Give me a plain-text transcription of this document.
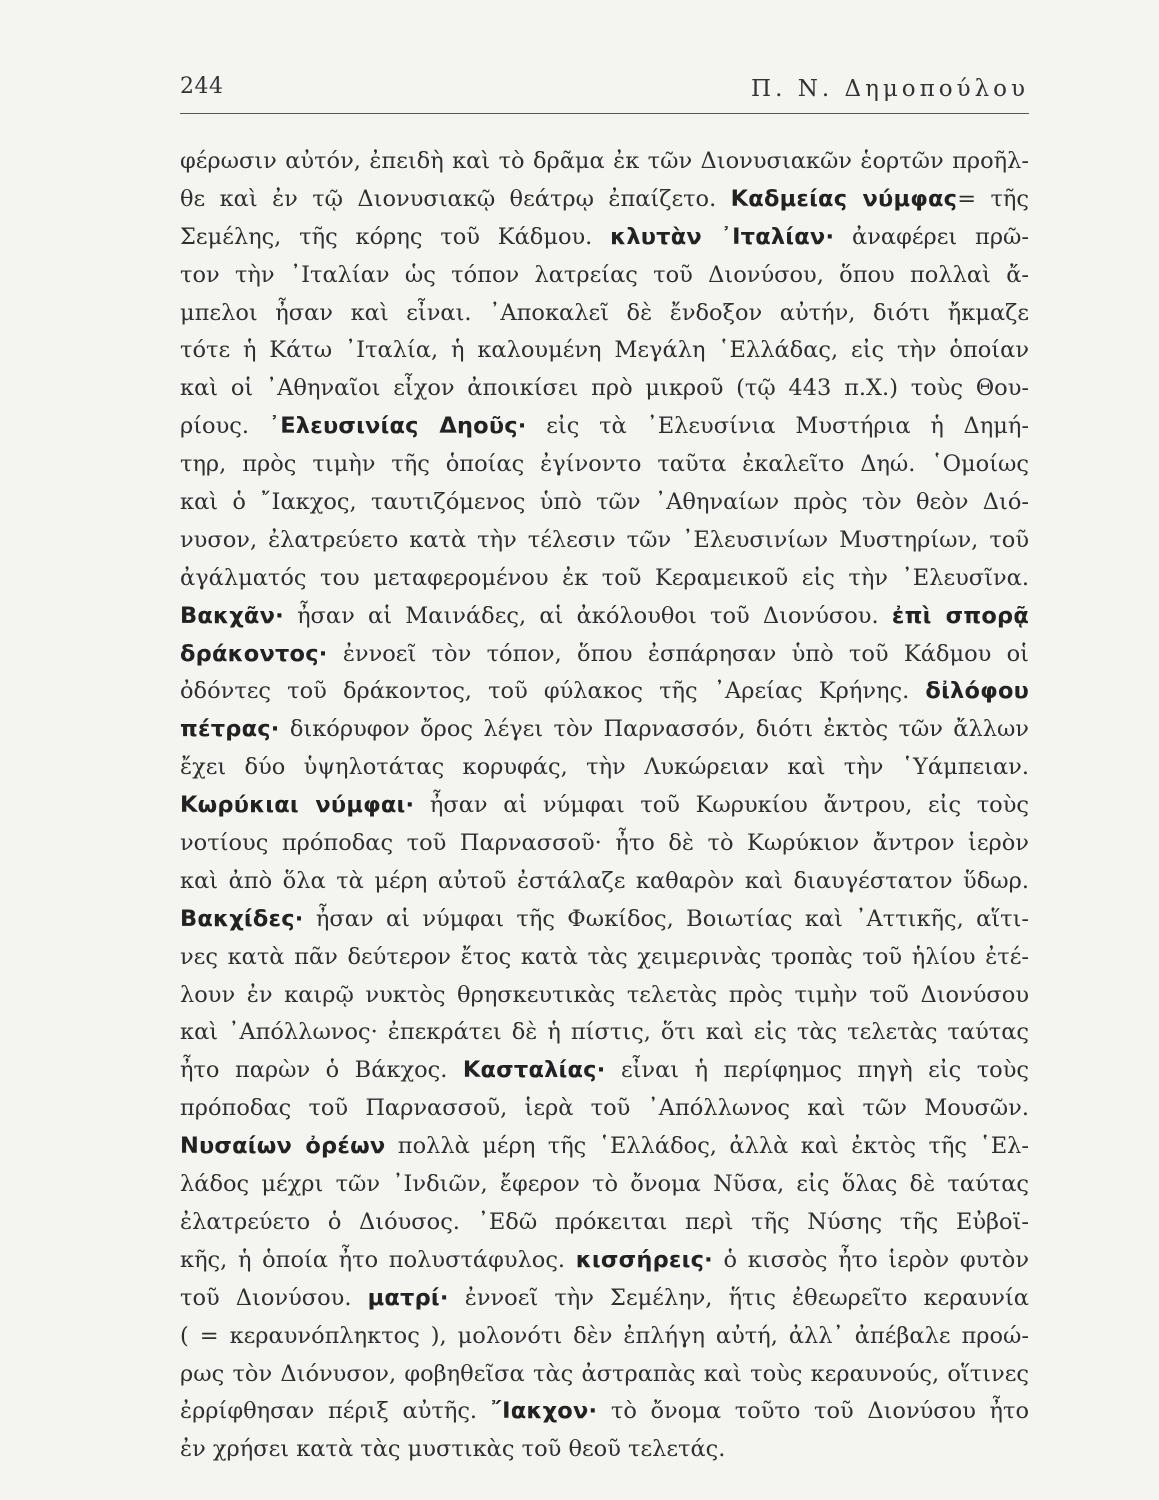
244	Π. Ν. Δημοπούλου
φέρωσιν αὐτόν, ἐπειδὴ καὶ τὸ δρᾶμα ἐκ τῶν Διονυσιακῶν ἑορτῶν προῆλ-
θε καὶ ἐν τῷ Διονυσιακῷ θεάτρῳ ἐπαίζετο. Καδμείας νύμφας= τῆς
Σεμέλης, τῆς κόρης τοῦ Κάδμου. κλυτὰν ᾽Ιταλίαν· ἀναφέρει πρῶ-
τον τὴν ᾽Ιταλίαν ὡς τόπον λατρείας τοῦ Διονύσου, ὅπου πολλαὶ ἄ-
μπελοι ἦσαν καὶ εἶναι. ᾽Αποκαλεῖ δὲ ἔνδοξον αὐτήν, διότι ἤκμαζε
τότε ἡ Κάτω ᾽Ιταλία, ἡ καλουμένη Μεγάλη ῾Ελλάδας, εἰς τὴν ὁποίαν
καὶ οἱ ᾽Αθηναῖοι εἶχον ἀποικίσει πρὸ μικροῦ (τῷ 443 π.Χ.) τοὺς Θου-
ρίους. ᾽Ελευσινίας Δηοῦς· εἰς τὰ ᾽Ελευσίνια Μυστήρια ἡ Δημή-
τηρ, πρὸς τιμὴν τῆς ὁποίας ἐγίνοντο ταῦτα ἐκαλεῖτο Δηώ. ῾Ομοίως
καὶ ὁ ῎Ιακχος, ταυτιζόμενος ὑπὸ τῶν ᾽Αθηναίων πρὸς τὸν θεὸν Διό-
νυσον, ἐλατρεύετο κατὰ τὴν τέλεσιν τῶν ᾽Ελευσινίων Μυστηρίων, τοῦ
ἀγάλματός του μεταφερομένου ἐκ τοῦ Κεραμεικοῦ εἰς τὴν ᾽Ελευσῖνα.
Βακχᾶν· ἦσαν αἱ Μαινάδες, αἱ ἀκόλουθοι τοῦ Διονύσου. ἐπὶ σπορᾷ
δράκοντος· ἐννοεῖ τὸν τόπον, ὅπου ἐσπάρησαν ὑπὸ τοῦ Κάδμου οἱ
ὀδόντες τοῦ δράκοντος, τοῦ φύλακος τῆς ᾽Αρείας Κρήνης. δἰλόφου
πέτρας· δικόρυφον ὄρος λέγει τὸν Παρνασσόν, διότι ἐκτὸς τῶν ἄλλων
ἔχει δύο ὑψηλοτάτας κορυφάς, τὴν Λυκώρειαν καὶ τὴν ῾Υάμπειαν.
Κωρύκιαι νύμφαι· ἦσαν αἱ νύμφαι τοῦ Κωρυκίου ἄντρου, εἰς τοὺς
νοτίους πρόποδας τοῦ Παρνασσοῦ· ἦτο δὲ τὸ Κωρύκιον ἄντρον ἱερὸν
καὶ ἀπὸ ὅλα τὰ μέρη αὐτοῦ ἐστάλαζε καθαρὸν καὶ διαυγέστατον ὕδωρ.
Βακχίδες· ἦσαν αἱ νύμφαι τῆς Φωκίδος, Βοιωτίας καὶ ᾽Αττικῆς, αἵτι-
νες κατὰ πᾶν δεύτερον ἔτος κατὰ τὰς χειμερινὰς τροπὰς τοῦ ἡλίου ἐτέ-
λουν ἐν καιρῷ νυκτὸς θρησκευτικὰς τελετὰς πρὸς τιμὴν τοῦ Διονύσου
καὶ ᾽Απόλλωνος· ἐπεκράτει δὲ ἡ πίστις, ὅτι καὶ εἰς τὰς τελετὰς ταύτας
ἦτο παρὼν ὁ Βάκχος. Κασταλίας· εἶναι ἡ περίφημος πηγὴ εἰς τοὺς
πρόποδας τοῦ Παρνασσοῦ, ἱερὰ τοῦ ᾽Απόλλωνος καὶ τῶν Μουσῶν.
Νυσαίων ὀρέων πολλὰ μέρη τῆς ῾Ελλάδος, ἀλλὰ καὶ ἐκτὸς τῆς ῾Ελ-
λάδος μέχρι τῶν ᾽Ινδιῶν, ἔφερον τὸ ὄνομα Νῦσα, εἰς ὅλας δὲ ταύτας
ἐλατρεύετο ὁ Διόυσος. ᾽Εδῶ πρόκειται περὶ τῆς Νύσης τῆς Εὐβοϊ-
κῆς, ἡ ὁποία ἦτο πολυστάφυλος. κισσήρεις· ὁ κισσὸς ἦτο ἱερὸν φυτὸν
τοῦ Διονύσου. ματρί· ἐννοεῖ τὴν Σεμέλην, ἥτις ἐθεωρεῖτο κεραυνία
( = κεραυνόπληκτος ), μολονότι δὲν ἐπλήγη αὐτή, ἀλλ᾽ ἀπέβαλε προώ-
ρως τὸν Διόνυσον, φοβηθεῖσα τὰς ἀστραπὰς καὶ τοὺς κεραυνούς, οἵτινες
ἐρρίφθησαν πέριξ αὐτῆς. ῎Ιακχον· τὸ ὄνομα τοῦτο τοῦ Διονύσου ἦτο
ἐν χρήσει κατὰ τὰς μυστικὰς τοῦ θεοῦ τελετάς.
